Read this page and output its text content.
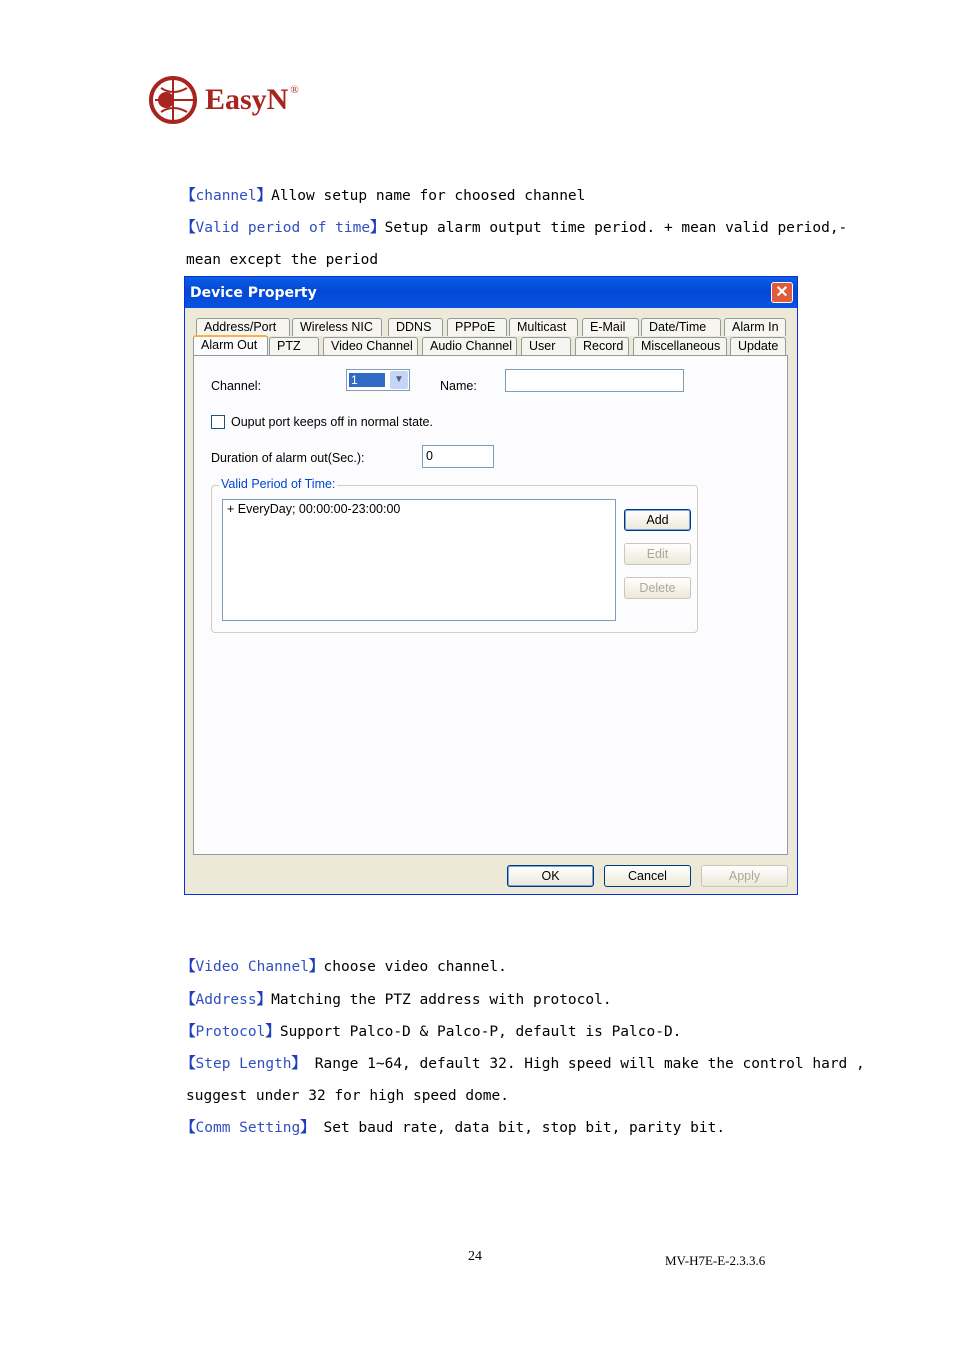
EasyN ®
【channel】Allow setup name for choosed channel
【Valid period of time】Setup alarm output time period. + mean valid period,-
mean except the period
Device Property	✕
Address/Port	Wireless NIC	DDNS	PPPoE	Multicast	E-Mail	Date/Time	Alarm In
Alarm Out	PTZ	Video Channel	Audio Channel	User	Record	Miscellaneous	Update
Channel:	1	▼	Name:
Ouput port keeps off in normal state.
Duration of alarm out(Sec.):	0
Valid Period of Time:
+ EveryDay; 00:00:00-23:00:00
Add
Edit
Delete
OK	Cancel	Apply
【Video Channel】choose video channel.
【Address】Matching the PTZ address with protocol.
【Protocol】Support Palco-D & Palco-P, default is Palco-D.
【Step Length】 Range 1~64, default 32. High speed will make the control hard ,
suggest under 32 for high speed dome.
【Comm Setting】 Set baud rate, data bit, stop bit, parity bit.
24	MV-H7E-E-2.3.3.6
